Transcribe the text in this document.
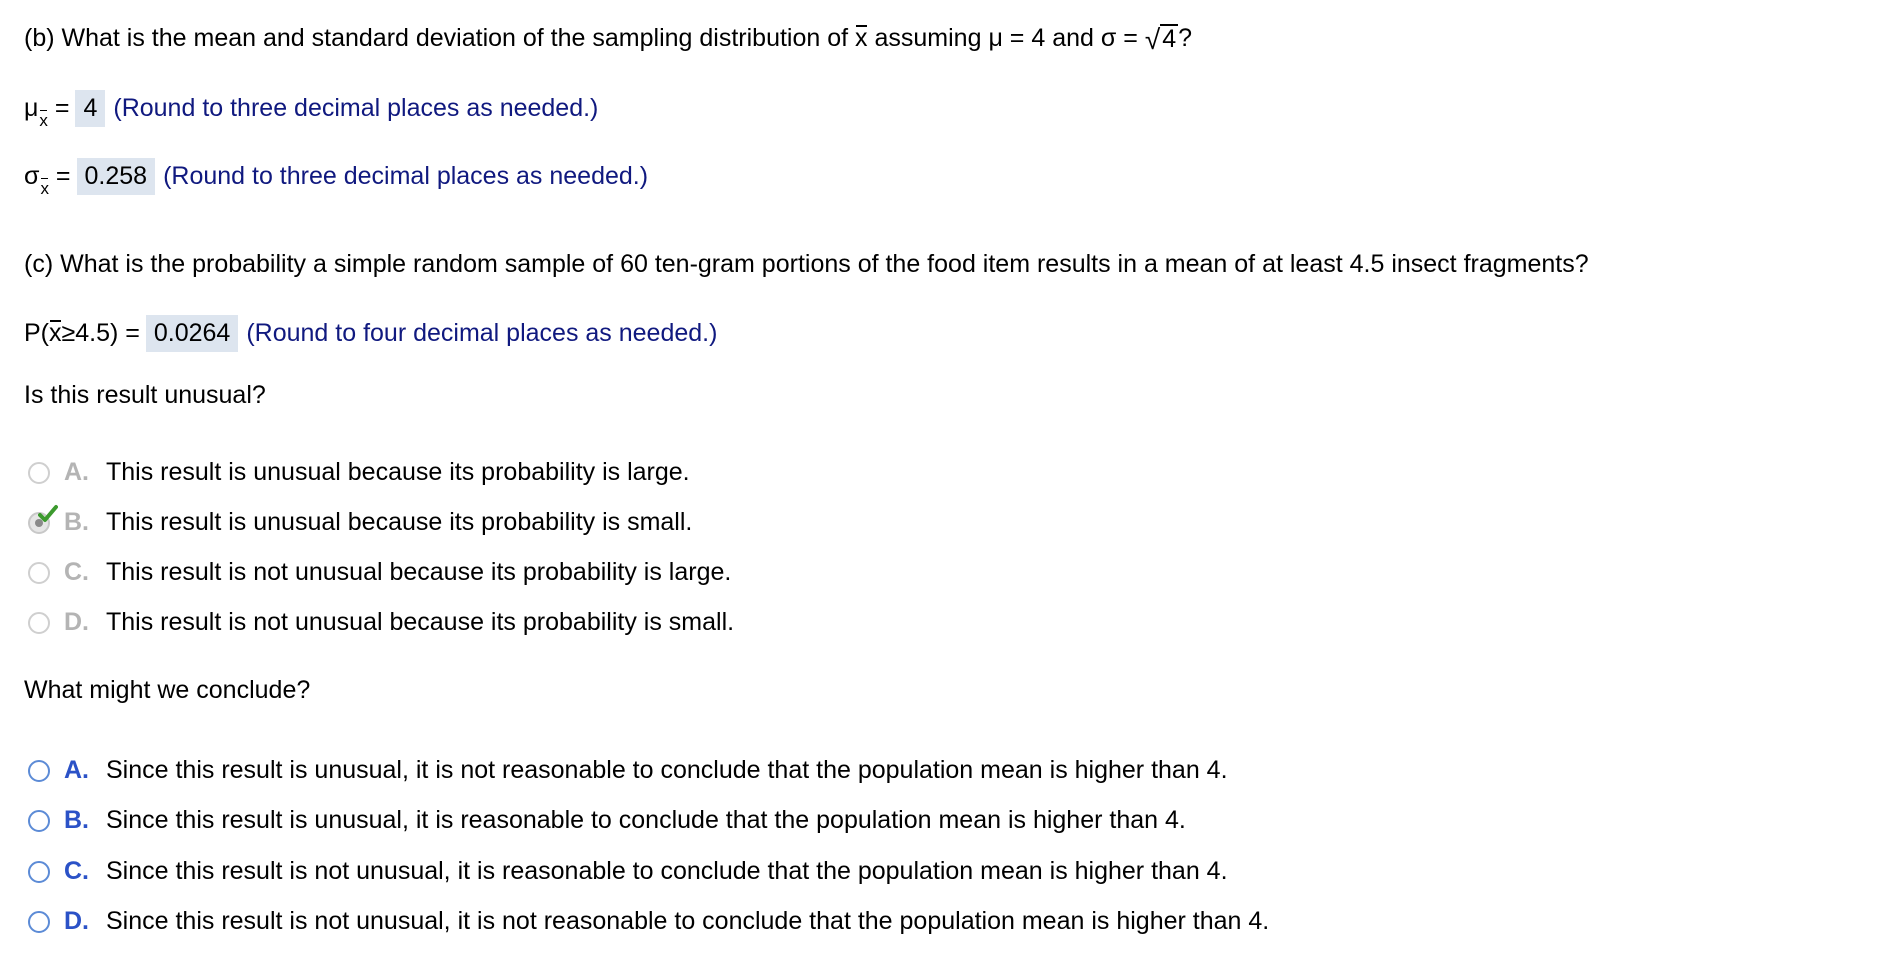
(b) What is the mean and standard deviation of the sampling distribution of
x
assuming
μ
= 4 and
σ
=
√ 4 ?
$\mu_x$
= 4 (Round to three decimal places as needed.)
$\sigma_x$
= 0.258 (Round to three decimal places as needed.)
(c) What is the probability a simple random sample of 60 ten-gram portions of the food item results in a mean of at least 4.5 insect fragments?
P( x ≥4.5) = 0.0264 (Round to four decimal places as needed.)
Is this result unusual?
A. This result is unusual because its probability is large.
B. This result is unusual because its probability is small.
C. This result is not unusual because its probability is large.
D. This result is not unusual because its probability is small.
What might we conclude?
A. Since this result is unusual, it is not reasonable to conclude that the population mean is higher than 4.
B. Since this result is unusual, it is reasonable to conclude that the population mean is higher than 4.
C. Since this result is not unusual, it is reasonable to conclude that the population mean is higher than 4.
D. Since this result is not unusual, it is not reasonable to conclude that the population mean is higher than 4.
